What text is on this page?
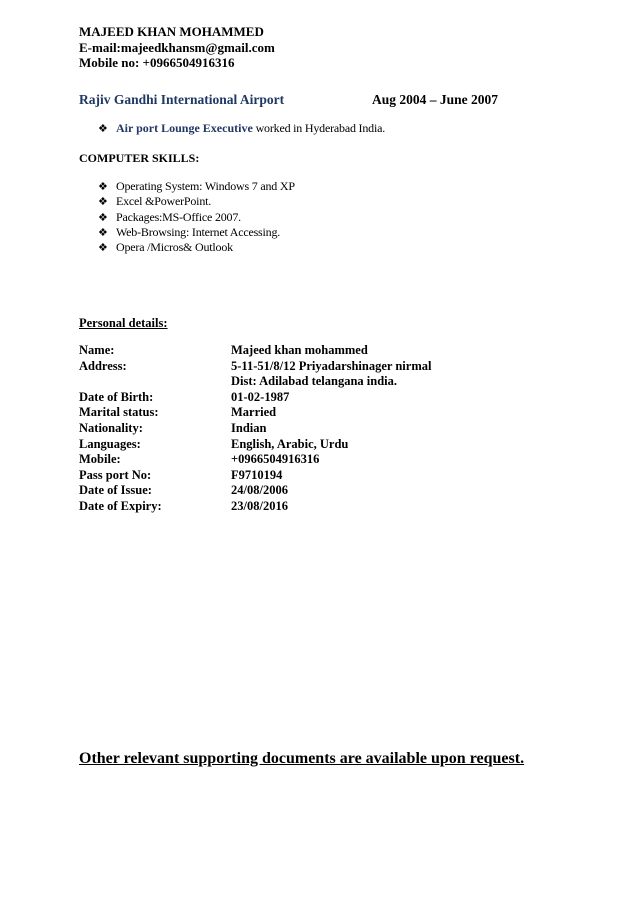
MAJEED KHAN MOHAMMED
E-mail:majeedkhansm@gmail.com
Mobile no: +0966504916316
Rajiv Gandhi International Airport	Aug 2004 – June 2007
❖ Air port Lounge Executive worked in Hyderabad India.
COMPUTER SKILLS:
❖ Operating System: Windows 7 and XP
❖ Excel &PowerPoint.
❖ Packages:MS-Office 2007.
❖ Web-Browsing: Internet Accessing.
❖ Opera /Micros& Outlook
Personal details:
Name:	Majeed khan mohammed
Address:	5-11-51/8/12 Priyadarshinager nirmal
Dist: Adilabad telangana india.
Date of Birth:	01-02-1987
Marital status:	Married
Nationality:	Indian
Languages:	English, Arabic, Urdu
Mobile:	+0966504916316
Pass port No:	F9710194
Date of Issue:	24/08/2006
Date of Expiry:	23/08/2016
Other relevant supporting documents are available upon request.
